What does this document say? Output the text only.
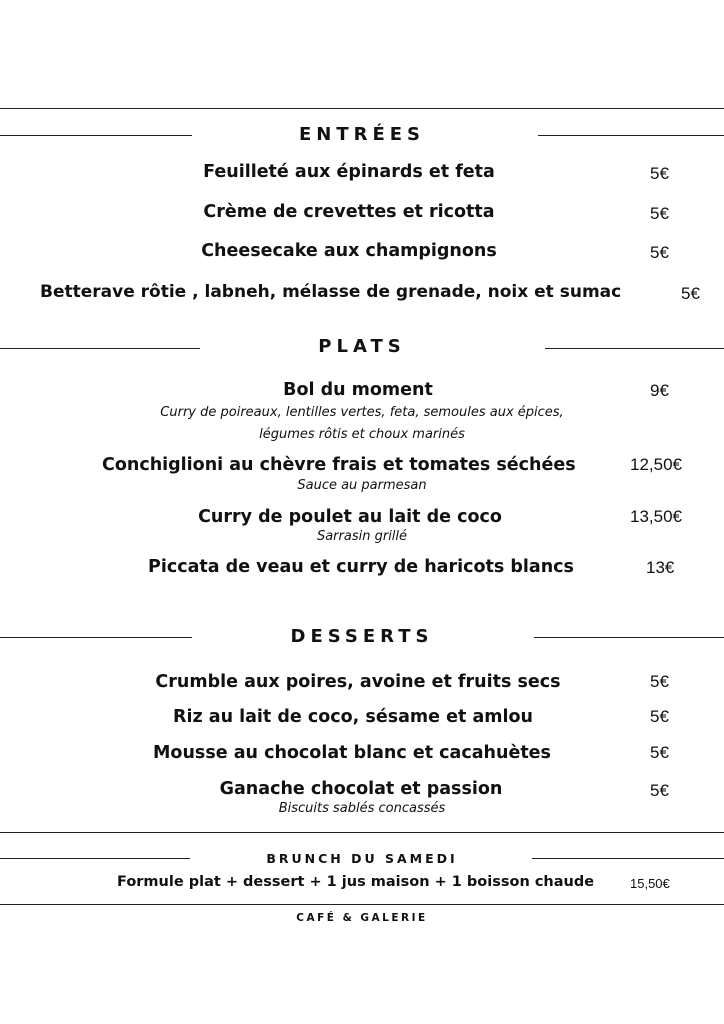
ENTRÉES
Feuilleté aux épinards et feta	5€
Crème de crevettes et ricotta	5€
Cheesecake aux champignons	5€
Betterave rôtie , labneh, mélasse de grenade, noix et sumac	5€
PLATS
Bol du moment	9€
Curry de poireaux, lentilles vertes, feta, semoules aux épices,
légumes rôtis et choux marinés
Conchiglioni au chèvre frais et tomates séchées	12,50€
Sauce au parmesan
Curry de poulet au lait de coco	13,50€
Sarrasin grillé
Piccata de veau et curry de haricots blancs	13€
DESSERTS
Crumble aux poires, avoine et fruits secs	5€
Riz au lait de coco, sésame et amlou	5€
Mousse au chocolat blanc et cacahuètes	5€
Ganache chocolat et passion	5€
Biscuits sablés concassés
BRUNCH DU SAMEDI
Formule plat + dessert + 1 jus maison + 1 boisson chaude	15,50€
CAFÉ & GALERIE
